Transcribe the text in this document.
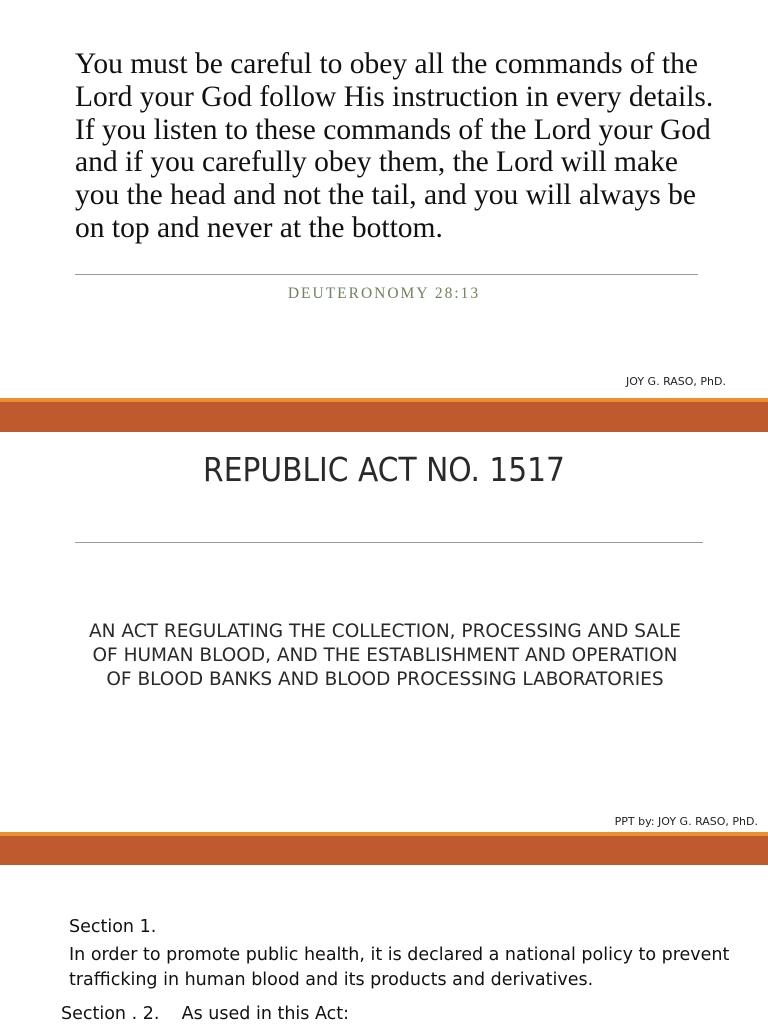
You must be careful to obey all the commands of the Lord your God follow His instruction in every details. If you listen to these commands of the Lord your God and if you carefully obey them, the Lord will make you the head and not the tail, and you will always be on top and never at the bottom.
DEUTERONOMY 28:13
JOY G. RASO, PhD.
REPUBLIC ACT NO. 1517
AN ACT REGULATING THE COLLECTION, PROCESSING AND SALE OF HUMAN BLOOD, AND THE ESTABLISHMENT AND OPERATION OF BLOOD BANKS AND BLOOD PROCESSING LABORATORIES
PPT by: JOY G. RASO, PhD.
Section 1.
In order to promote public health, it is declared a national policy to prevent trafficking in human blood and its products and derivatives.
Section . 2.    As used in this Act:
